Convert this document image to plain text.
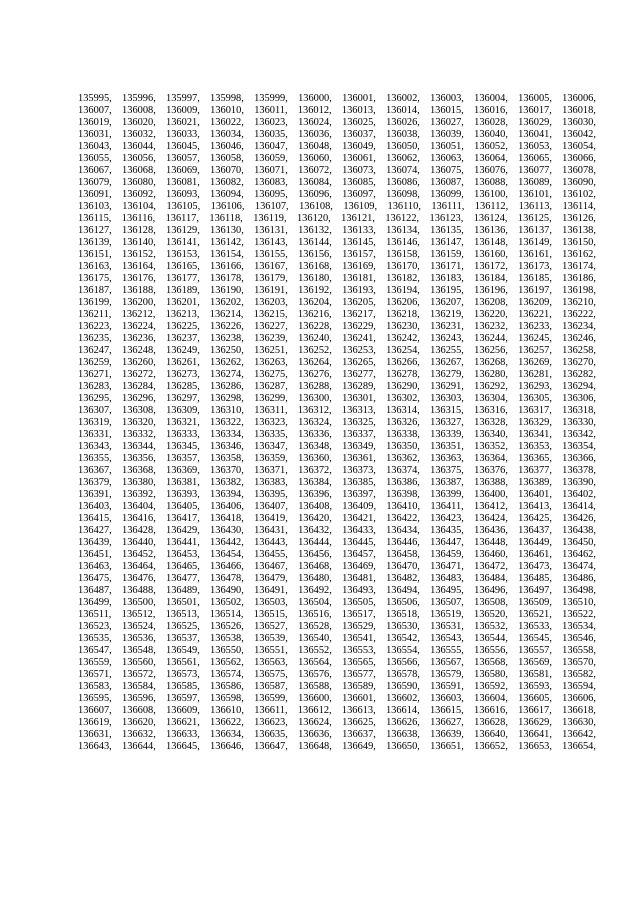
135995, 135996, 135997, 135998, 135999, 136000, 136001, 136002, 136003, 136004, 136005, 136006,
136007, 136008, 136009, 136010, 136011, 136012, 136013, 136014, 136015, 136016, 136017, 136018,
136019, 136020, 136021, 136022, 136023, 136024, 136025, 136026, 136027, 136028, 136029, 136030,
136031, 136032, 136033, 136034, 136035, 136036, 136037, 136038, 136039, 136040, 136041, 136042,
136043, 136044, 136045, 136046, 136047, 136048, 136049, 136050, 136051, 136052, 136053, 136054,
136055, 136056, 136057, 136058, 136059, 136060, 136061, 136062, 136063, 136064, 136065, 136066,
136067, 136068, 136069, 136070, 136071, 136072, 136073, 136074, 136075, 136076, 136077, 136078,
136079, 136080, 136081, 136082, 136083, 136084, 136085, 136086, 136087, 136088, 136089, 136090,
136091, 136092, 136093, 136094, 136095, 136096, 136097, 136098, 136099, 136100, 136101, 136102,
136103, 136104, 136105, 136106, 136107, 136108, 136109, 136110, 136111, 136112, 136113, 136114,
136115, 136116, 136117, 136118, 136119, 136120, 136121, 136122, 136123, 136124, 136125, 136126,
136127, 136128, 136129, 136130, 136131, 136132, 136133, 136134, 136135, 136136, 136137, 136138,
136139, 136140, 136141, 136142, 136143, 136144, 136145, 136146, 136147, 136148, 136149, 136150,
136151, 136152, 136153, 136154, 136155, 136156, 136157, 136158, 136159, 136160, 136161, 136162,
136163, 136164, 136165, 136166, 136167, 136168, 136169, 136170, 136171, 136172, 136173, 136174,
136175, 136176, 136177, 136178, 136179, 136180, 136181, 136182, 136183, 136184, 136185, 136186,
136187, 136188, 136189, 136190, 136191, 136192, 136193, 136194, 136195, 136196, 136197, 136198,
136199, 136200, 136201, 136202, 136203, 136204, 136205, 136206, 136207, 136208, 136209, 136210,
136211, 136212, 136213, 136214, 136215, 136216, 136217, 136218, 136219, 136220, 136221, 136222,
136223, 136224, 136225, 136226, 136227, 136228, 136229, 136230, 136231, 136232, 136233, 136234,
136235, 136236, 136237, 136238, 136239, 136240, 136241, 136242, 136243, 136244, 136245, 136246,
136247, 136248, 136249, 136250, 136251, 136252, 136253, 136254, 136255, 136256, 136257, 136258,
136259, 136260, 136261, 136262, 136263, 136264, 136265, 136266, 136267, 136268, 136269, 136270,
136271, 136272, 136273, 136274, 136275, 136276, 136277, 136278, 136279, 136280, 136281, 136282,
136283, 136284, 136285, 136286, 136287, 136288, 136289, 136290, 136291, 136292, 136293, 136294,
136295, 136296, 136297, 136298, 136299, 136300, 136301, 136302, 136303, 136304, 136305, 136306,
136307, 136308, 136309, 136310, 136311, 136312, 136313, 136314, 136315, 136316, 136317, 136318,
136319, 136320, 136321, 136322, 136323, 136324, 136325, 136326, 136327, 136328, 136329, 136330,
136331, 136332, 136333, 136334, 136335, 136336, 136337, 136338, 136339, 136340, 136341, 136342,
136343, 136344, 136345, 136346, 136347, 136348, 136349, 136350, 136351, 136352, 136353, 136354,
136355, 136356, 136357, 136358, 136359, 136360, 136361, 136362, 136363, 136364, 136365, 136366,
136367, 136368, 136369, 136370, 136371, 136372, 136373, 136374, 136375, 136376, 136377, 136378,
136379, 136380, 136381, 136382, 136383, 136384, 136385, 136386, 136387, 136388, 136389, 136390,
136391, 136392, 136393, 136394, 136395, 136396, 136397, 136398, 136399, 136400, 136401, 136402,
136403, 136404, 136405, 136406, 136407, 136408, 136409, 136410, 136411, 136412, 136413, 136414,
136415, 136416, 136417, 136418, 136419, 136420, 136421, 136422, 136423, 136424, 136425, 136426,
136427, 136428, 136429, 136430, 136431, 136432, 136433, 136434, 136435, 136436, 136437, 136438,
136439, 136440, 136441, 136442, 136443, 136444, 136445, 136446, 136447, 136448, 136449, 136450,
136451, 136452, 136453, 136454, 136455, 136456, 136457, 136458, 136459, 136460, 136461, 136462,
136463, 136464, 136465, 136466, 136467, 136468, 136469, 136470, 136471, 136472, 136473, 136474,
136475, 136476, 136477, 136478, 136479, 136480, 136481, 136482, 136483, 136484, 136485, 136486,
136487, 136488, 136489, 136490, 136491, 136492, 136493, 136494, 136495, 136496, 136497, 136498,
136499, 136500, 136501, 136502, 136503, 136504, 136505, 136506, 136507, 136508, 136509, 136510,
136511, 136512, 136513, 136514, 136515, 136516, 136517, 136518, 136519, 136520, 136521, 136522,
136523, 136524, 136525, 136526, 136527, 136528, 136529, 136530, 136531, 136532, 136533, 136534,
136535, 136536, 136537, 136538, 136539, 136540, 136541, 136542, 136543, 136544, 136545, 136546,
136547, 136548, 136549, 136550, 136551, 136552, 136553, 136554, 136555, 136556, 136557, 136558,
136559, 136560, 136561, 136562, 136563, 136564, 136565, 136566, 136567, 136568, 136569, 136570,
136571, 136572, 136573, 136574, 136575, 136576, 136577, 136578, 136579, 136580, 136581, 136582,
136583, 136584, 136585, 136586, 136587, 136588, 136589, 136590, 136591, 136592, 136593, 136594,
136595, 136596, 136597, 136598, 136599, 136600, 136601, 136602, 136603, 136604, 136605, 136606,
136607, 136608, 136609, 136610, 136611, 136612, 136613, 136614, 136615, 136616, 136617, 136618,
136619, 136620, 136621, 136622, 136623, 136624, 136625, 136626, 136627, 136628, 136629, 136630,
136631, 136632, 136633, 136634, 136635, 136636, 136637, 136638, 136639, 136640, 136641, 136642,
136643, 136644, 136645, 136646, 136647, 136648, 136649, 136650, 136651, 136652, 136653, 136654,
